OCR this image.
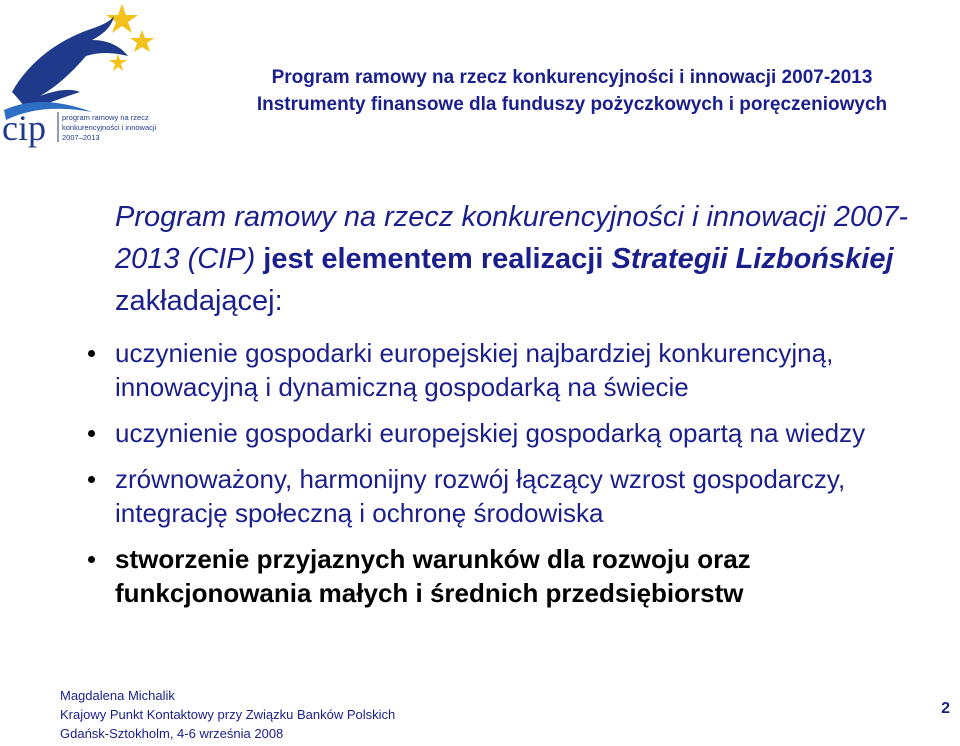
cip program ramowy na rzecz
konkurencyjności i innowacji
2007–2013
Program ramowy na rzecz konkurencyjności i innowacji 2007-2013
Instrumenty finansowe dla funduszy pożyczkowych i poręczeniowych
Program ramowy na rzecz konkurencyjności i innowacji 2007-2013 (CIP) jest elementem realizacji Strategii Lizbońskiej zakładającej:
uczynienie gospodarki europejskiej najbardziej konkurencyjną, innowacyjną i dynamiczną gospodarką na świecie
uczynienie gospodarki europejskiej gospodarką opartą na wiedzy
zrównoważony, harmonijny rozwój łączący wzrost gospodarczy, integrację społeczną i ochronę środowiska
stworzenie przyjaznych warunków dla rozwoju oraz funkcjonowania małych i średnich przedsiębiorstw
Magdalena Michalik
Krajowy Punkt Kontaktowy przy Związku Banków Polskich
Gdańsk-Sztokholm, 4-6 września 2008
2
